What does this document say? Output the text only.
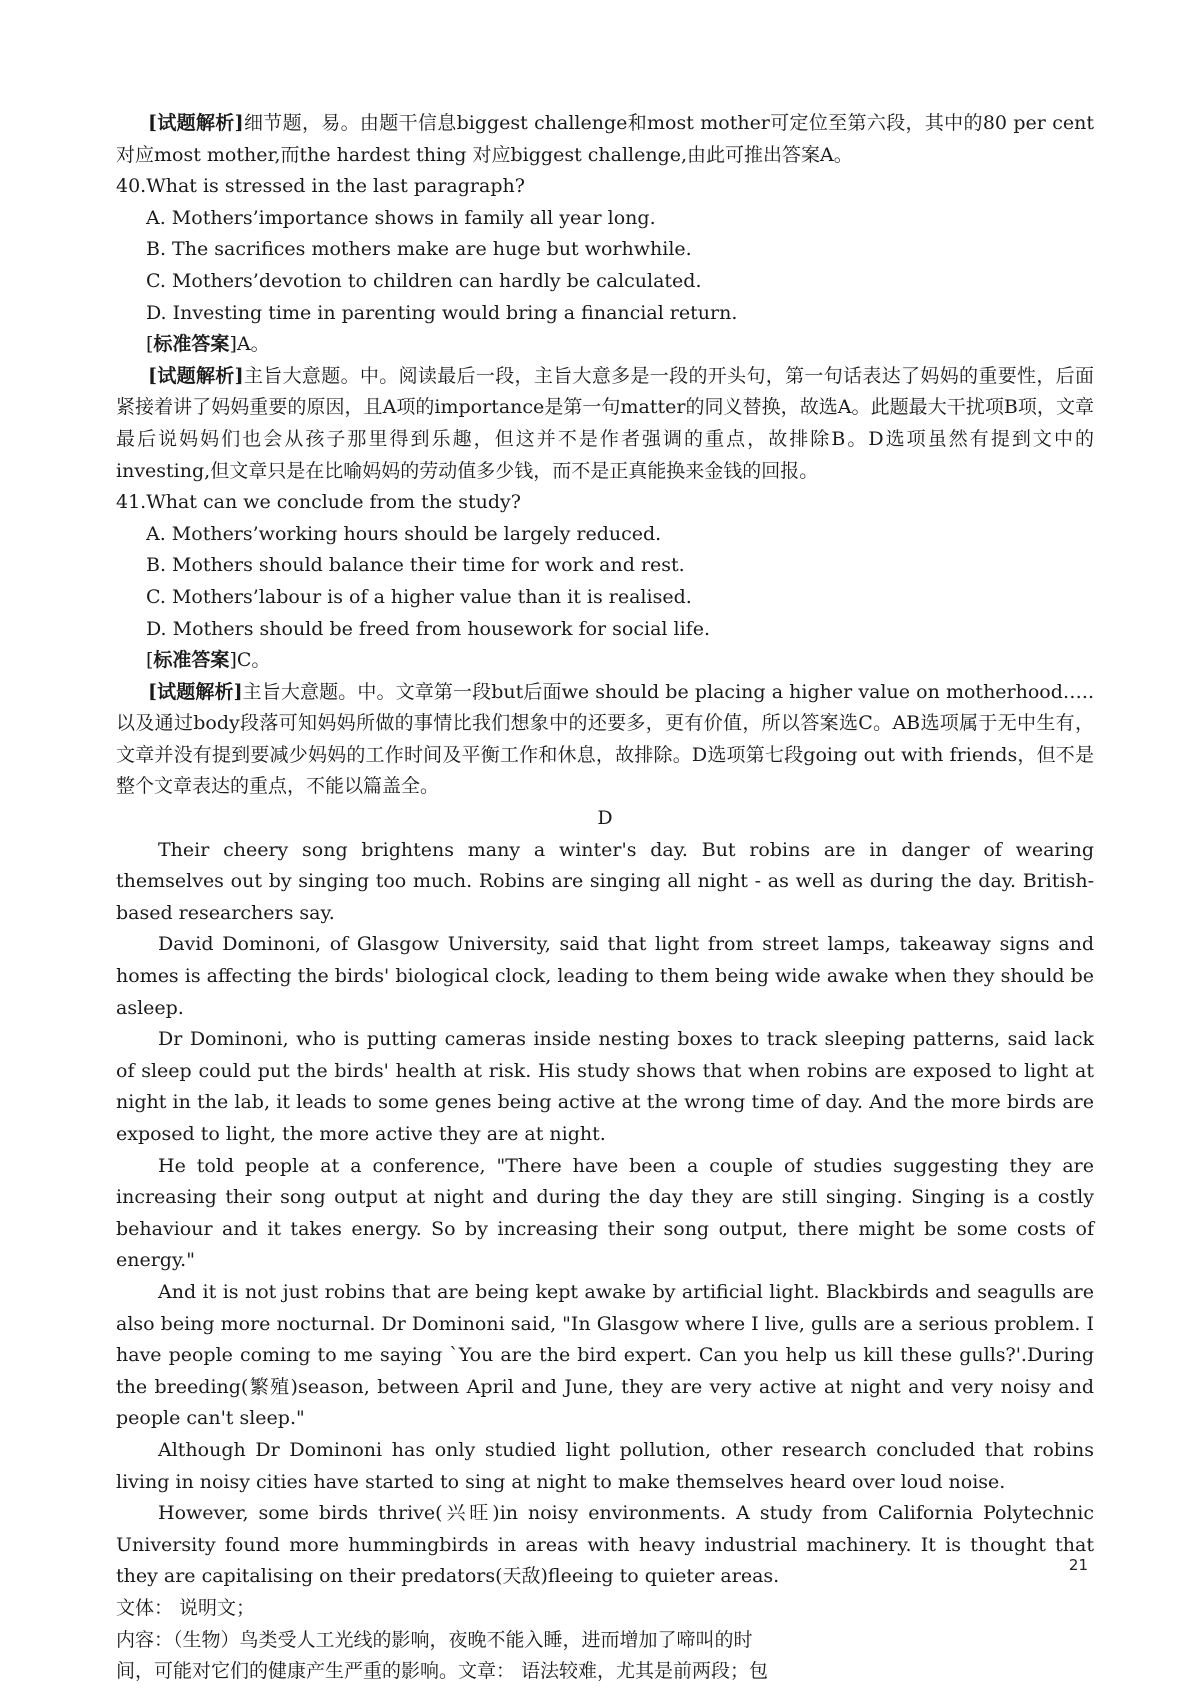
[试题解析]细节题，易。由题干信息biggest challenge和most mother可定位至第六段，其中的80 per cent对应most mother,而the hardest thing 对应biggest challenge,由此可推出答案A。

40.What is stressed in the last paragraph?

A. Mothers’importance shows in family all year long.

B. The sacrifices mothers make are huge but worhwhile.

C. Mothers’devotion to children can hardly be calculated.

D. Investing time in parenting would bring a financial return.

[标准答案]A。

[试题解析]主旨大意题。中。阅读最后一段，主旨大意多是一段的开头句，第一句话表达了妈妈的重要性，后面紧接着讲了妈妈重要的原因，且A项的importance是第一句matter的同义替换，故选A。此题最大干扰项B项，文章最后说妈妈们也会从孩子那里得到乐趣，但这并不是作者强调的重点，故排除B。D选项虽然有提到文中的investing,但文章只是在比喻妈妈的劳动值多少钱，而不是正真能换来金钱的回报。

41.What can we conclude from the study?

A. Mothers’working hours should be largely reduced.

B. Mothers should balance their time for work and rest.

C. Mothers’labour is of a higher value than it is realised.

D. Mothers should be freed from housework for social life.

[标准答案]C。

[试题解析]主旨大意题。中。文章第一段but后面we should be placing a higher value on motherhood…..以及通过body段落可知妈妈所做的事情比我们想象中的还要多，更有价值，所以答案选C。AB选项属于无中生有，文章并没有提到要减少妈妈的工作时间及平衡工作和休息，故排除。D选项第七段going out with friends，但不是整个文章表达的重点，不能以篇盖全。

D

Their cheery song brightens many a winter's day. But robins are in danger of wearing themselves out by singing too much. Robins are singing all night - as well as during the day. British-based researchers say.

David Dominoni, of Glasgow University, said that light from street lamps, takeaway signs and homes is affecting the birds' biological clock, leading to them being wide awake when they should be asleep.

Dr Dominoni, who is putting cameras inside nesting boxes to track sleeping patterns, said lack of sleep could put the birds' health at risk. His study shows that when robins are exposed to light at night in the lab, it leads to some genes being active at the wrong time of day. And the more birds are exposed to light, the more active they are at night.

He told people at a conference, "There have been a couple of studies suggesting they are increasing their song output at night and during the day they are still singing. Singing is a costly behaviour and it takes energy. So by increasing their song output, there might be some costs of energy."

And it is not just robins that are being kept awake by artificial light. Blackbirds and seagulls are also being more nocturnal. Dr Dominoni said, "In Glasgow where I live, gulls are a serious problem. I have people coming to me saying `You are the bird expert. Can you help us kill these gulls?'.During the breeding(繁殖)season, between April and June, they are very active at night and very noisy and people can't sleep."

Although Dr Dominoni has only studied light pollution, other research concluded that robins living in noisy cities have started to sing at night to make themselves heard over loud noise.

However, some birds thrive(兴旺)in noisy environments. A study from California Polytechnic University found more hummingbirds in areas with heavy industrial machinery. It is thought that they are capitalising on their predators(天敌)fleeing to quieter areas.

文体： 说明文；

内容：（生物）鸟类受人工光线的影响，夜晚不能入睡，进而增加了啼叫的时

间，可能对它们的健康产生严重的影响。文章： 语法较难，尤其是前两段；包

21
